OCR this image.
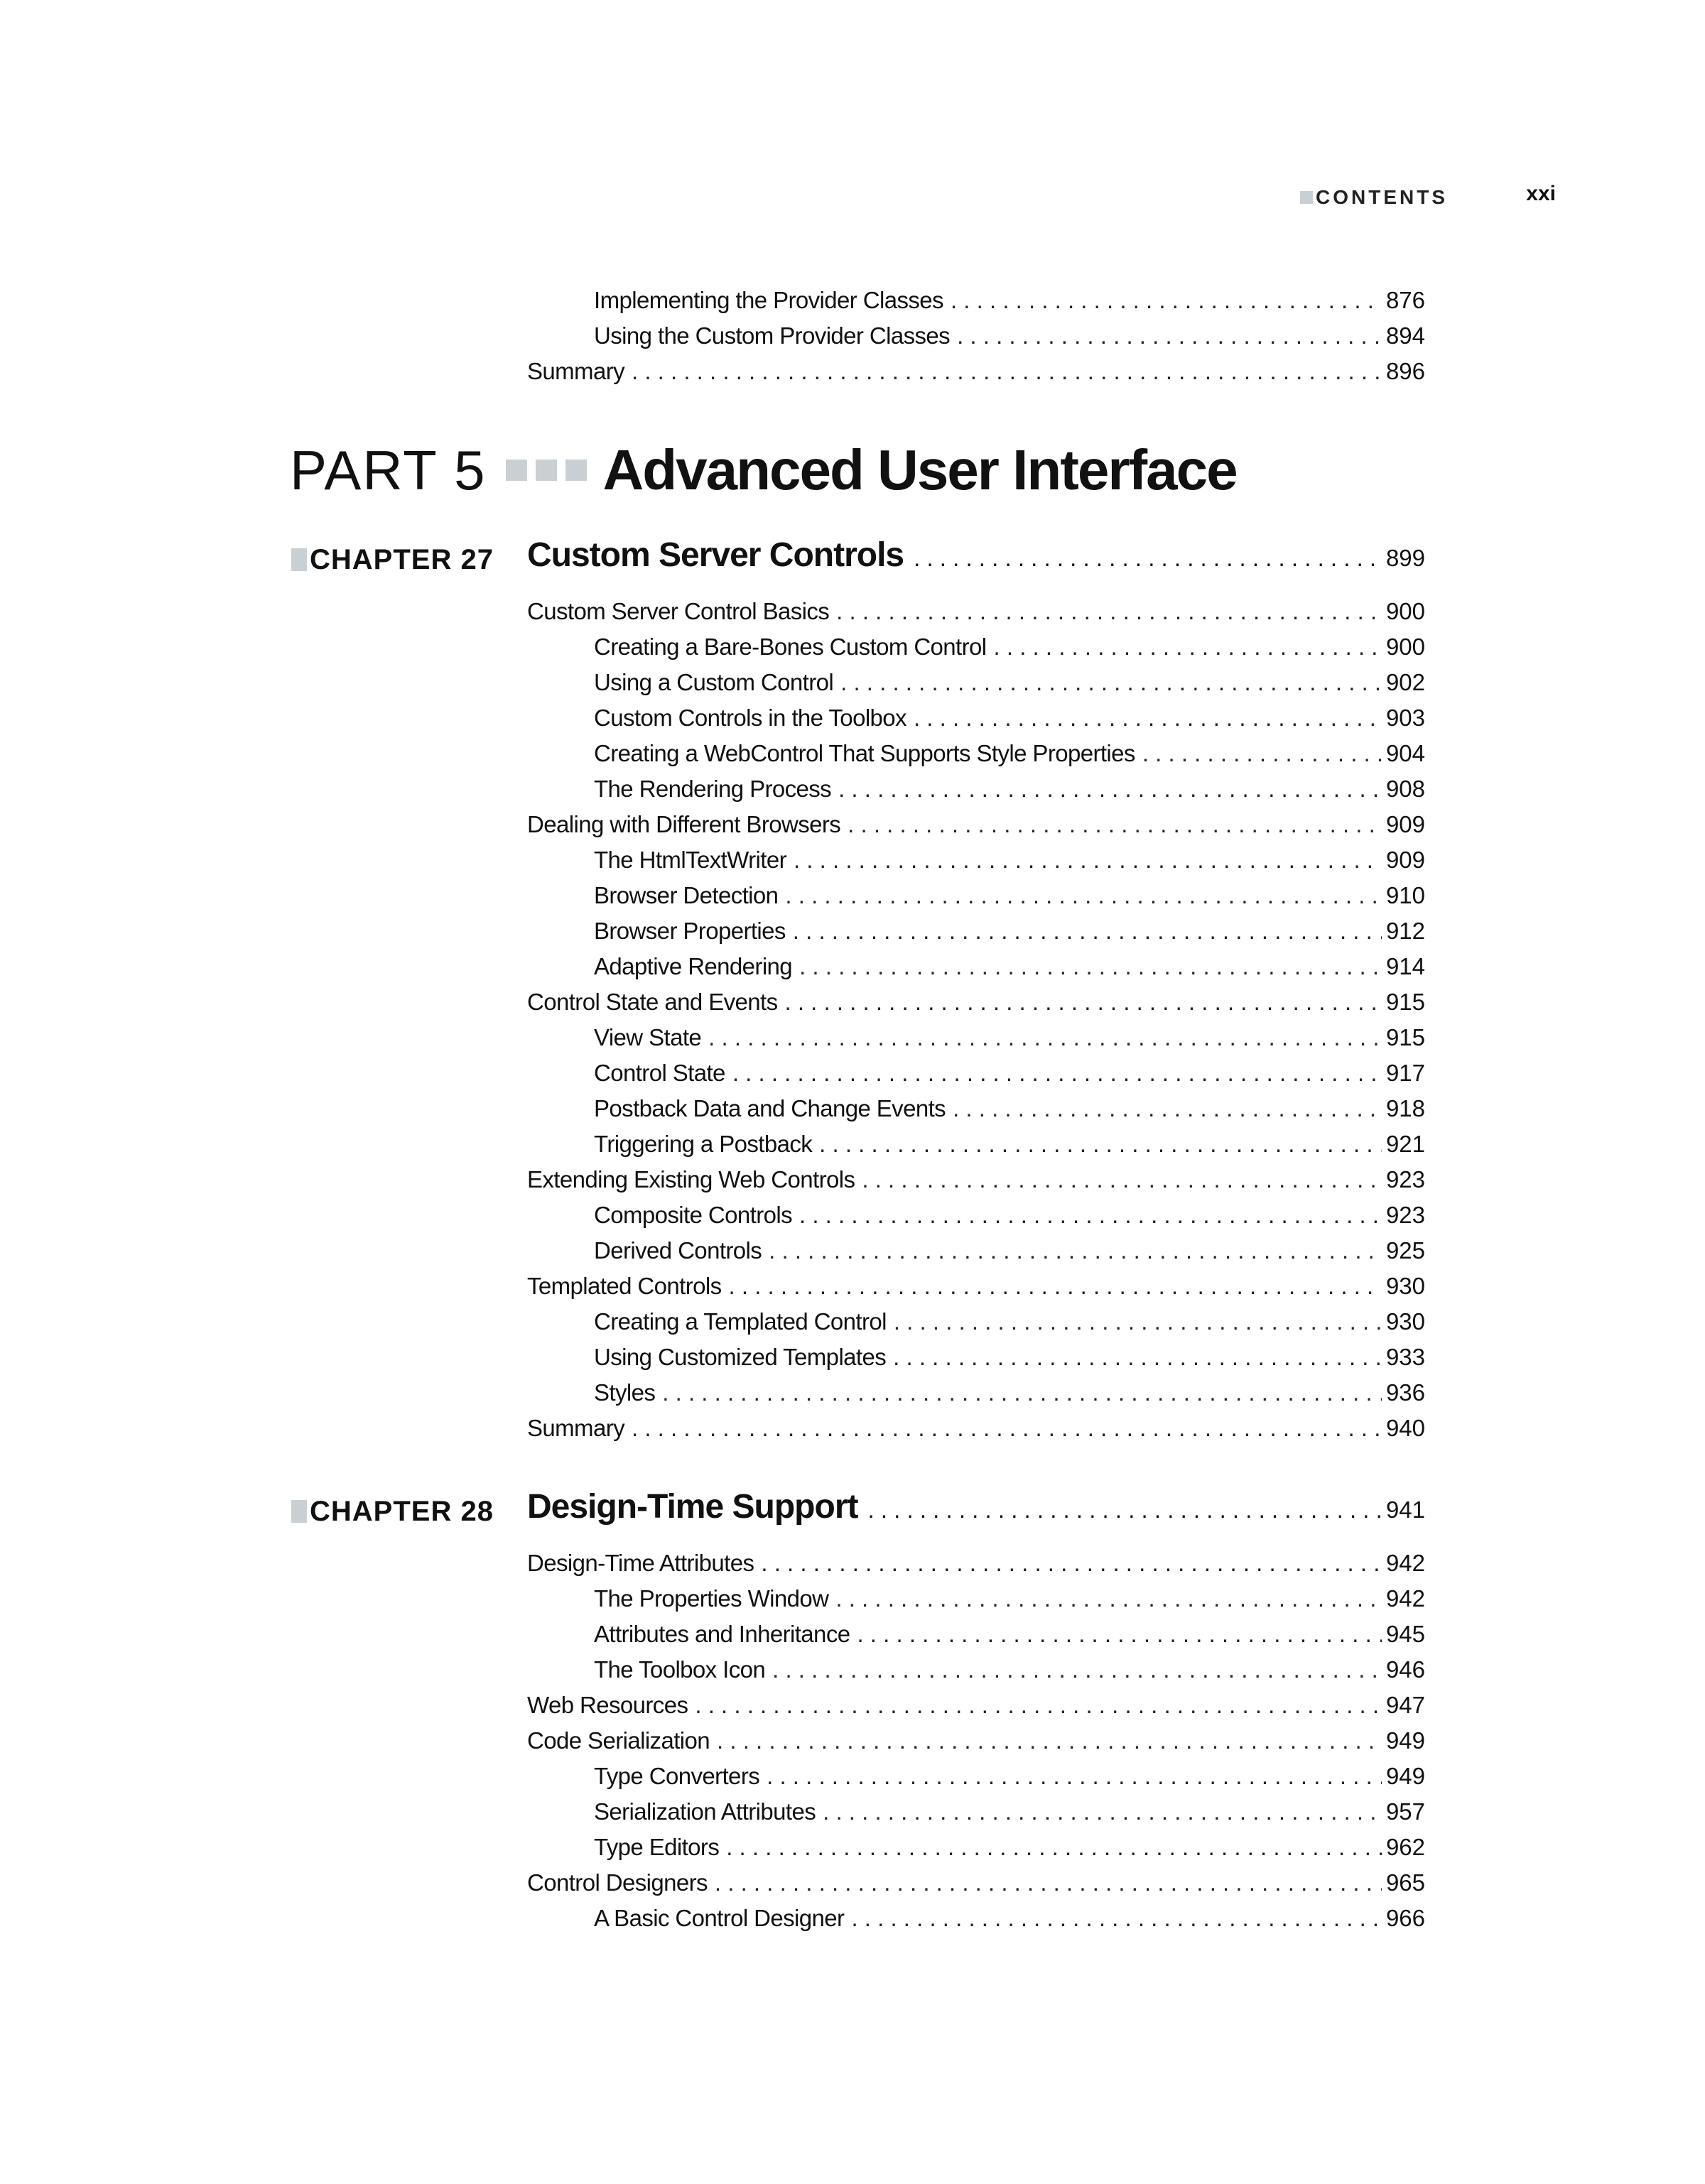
CONTENTS	xxi
Implementing the Provider Classes . . .	876
Using the Custom Provider Classes . . .	894
Summary . . .	896
PART 5 Advanced User Interface
CHAPTER 27 Custom Server Controls . . .	899
Custom Server Control Basics . . .	900
Creating a Bare-Bones Custom Control . . .	900
Using a Custom Control . . .	902
Custom Controls in the Toolbox . . .	903
Creating a WebControl That Supports Style Properties . . .	904
The Rendering Process . . .	908
Dealing with Different Browsers . . .	909
The HtmlTextWriter . . .	909
Browser Detection . . .	910
Browser Properties . . .	912
Adaptive Rendering . . .	914
Control State and Events . . .	915
View State . . .	915
Control State . . .	917
Postback Data and Change Events . . .	918
Triggering a Postback . . .	921
Extending Existing Web Controls . . .	923
Composite Controls . . .	923
Derived Controls . . .	925
Templated Controls . . .	930
Creating a Templated Control . . .	930
Using Customized Templates . . .	933
Styles . . .	936
Summary . . .	940
CHAPTER 28 Design-Time Support . . .	941
Design-Time Attributes . . .	942
The Properties Window . . .	942
Attributes and Inheritance . . .	945
The Toolbox Icon . . .	946
Web Resources . . .	947
Code Serialization . . .	949
Type Converters . . .	949
Serialization Attributes . . .	957
Type Editors . . .	962
Control Designers . . .	965
A Basic Control Designer . . .	966
